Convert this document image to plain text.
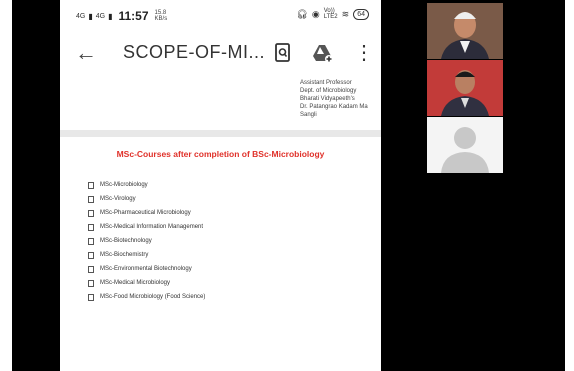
4G ▮ 4G ▮ 11:57 15.8
KB/s
🎧︎ ◉ Vo))
LTE2 ≋	64
← SCOPE-OF-MI...	⋮
Assistant Professor
Dept. of Microbiology
Bharati Vidyapeeth's
Dr. Patangrao Kadam Ma
Sangli
MSc-Courses after completion of BSc-Microbiology
MSc-Microbiology
MSc-Virology
MSc-Pharmaceutical Microbiology
MSc-Medical Information Management
MSc-Biotechnology
MSc-Biochemistry
MSc-Environmental Biotechnology
MSc-Medical Microbiology
MSc-Food Microbiology (Food Science)
